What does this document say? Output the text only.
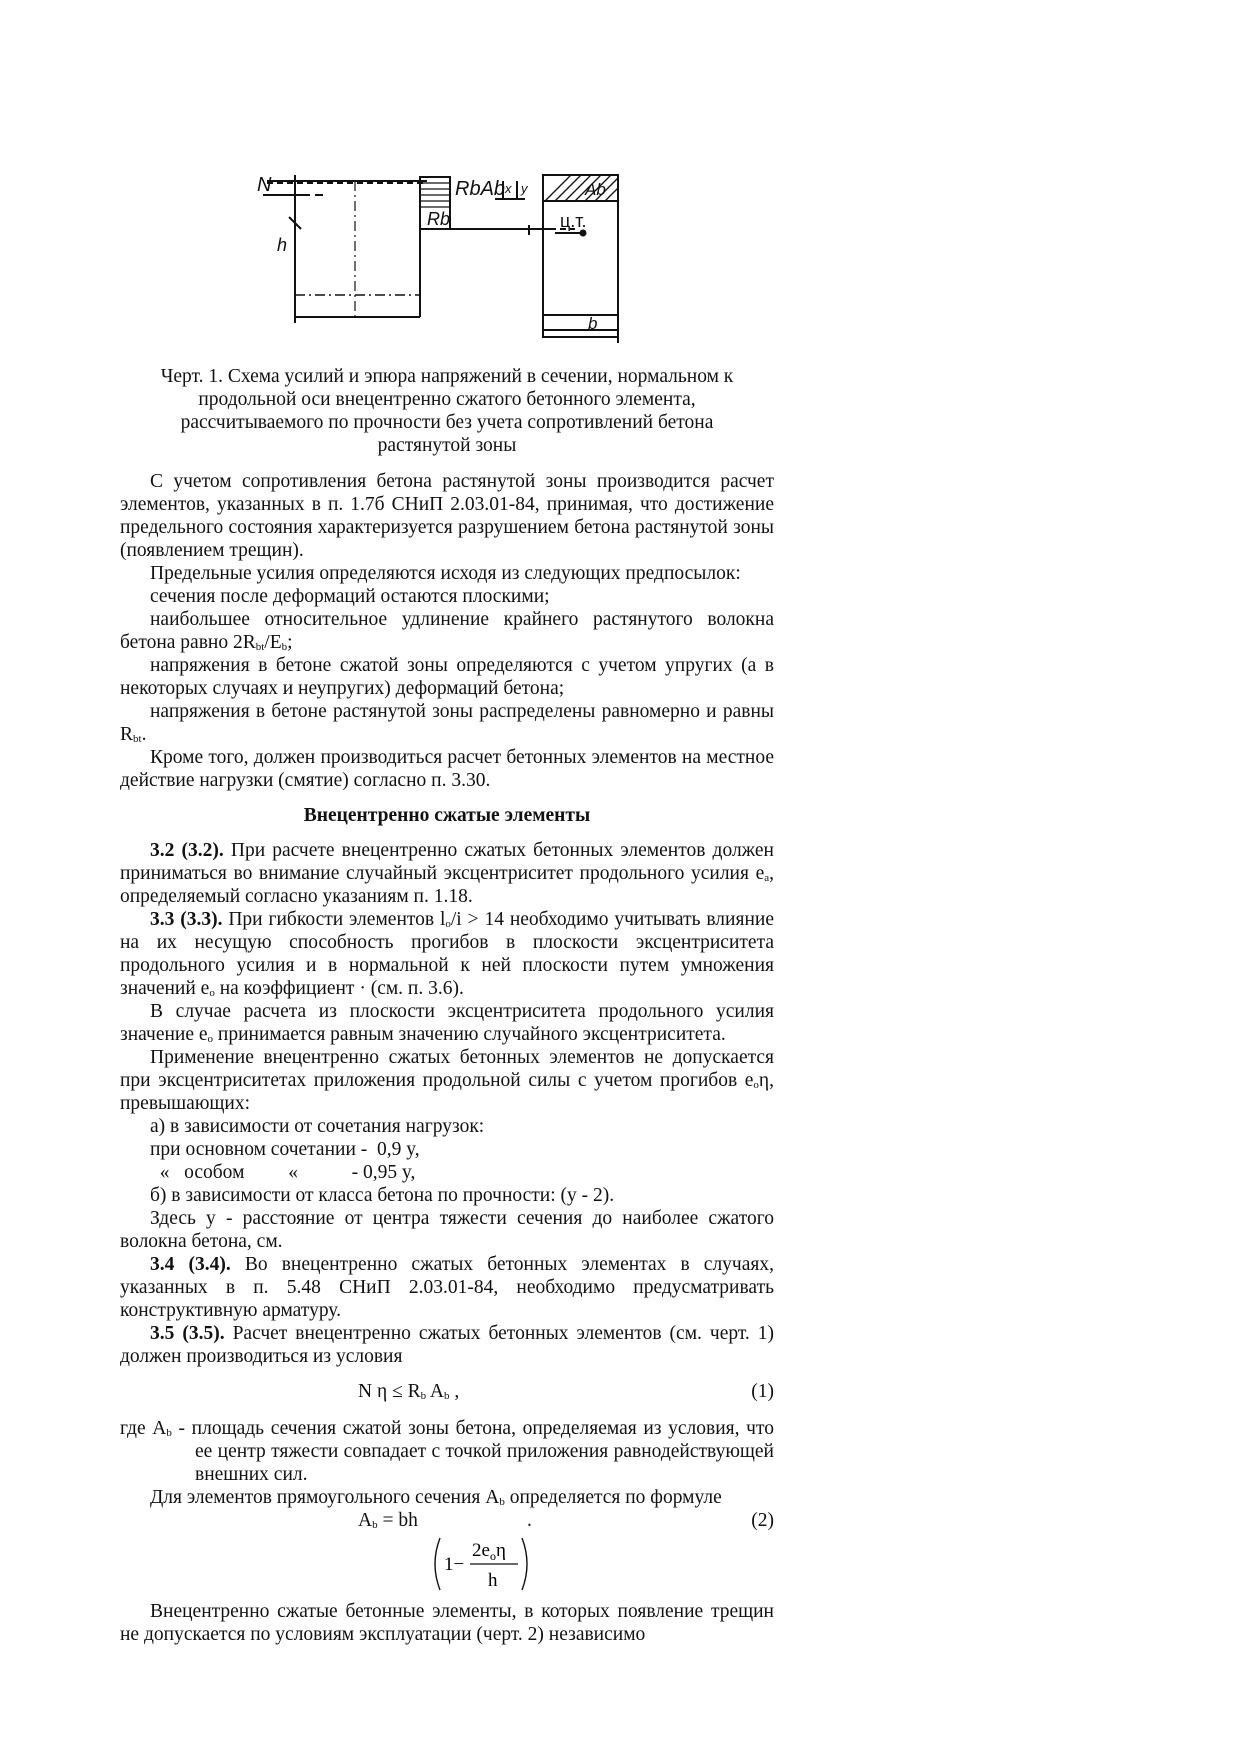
N
h
RbAb
Rb
Ab
x y
ц.т.
b
Черт. 1. Схема усилий и эпюра напряжений в сечении, нормальном к продольной оси внецентренно сжатого бетонного элемента, рассчитываемого по прочности без учета сопротивлений бетона растянутой зоны

С учетом сопротивления бетона растянутой зоны производится расчет элементов, указанных в п. 1.7б СНиП 2.03.01-84, принимая, что достижение предельного состояния характеризуется разрушением бетона растянутой зоны (появлением трещин).

Предельные усилия определяются исходя из следующих предпосылок:

сечения после деформаций остаются плоскими;

наибольшее относительное удлинение крайнего растянутого волокна бетона равно $2R_{bt}/E_b$;

напряжения в бетоне сжатой зоны определяются с учетом упругих (а в некоторых случаях и неупругих) деформаций бетона;

напряжения в бетоне растянутой зоны распределены равномерно и равны $R_{bt}$.

Кроме того, должен производиться расчет бетонных элементов на местное действие нагрузки (смятие) согласно п. 3.30.

Внецентренно сжатые элементы

3.2 (3.2). При расчете внецентренно сжатых бетонных элементов должен приниматься во внимание случайный эксцентриситет продольного усилия $e_a$, определяемый согласно указаниям п. 1.18.

3.3 (3.3). При гибкости элементов $l_o/i > 14$ необходимо учитывать влияние на их несущую способность прогибов в плоскости эксцентриситета продольного усилия и в нормальной к ней плоскости путем умножения значений $e_o$ на коэффициент · (см. п. 3.6).

В случае расчета из плоскости эксцентриситета продольного усилия значение $e_o$ принимается равным значению случайного эксцентриситета.

Применение внецентренно сжатых бетонных элементов не допускается при эксцентриситетах приложения продольной силы с учетом прогибов $e_o\eta$, превышающих:

а) в зависимости от сочетания нагрузок:

при основном сочетании -  0,9 y,

«   особом         «           - 0,95 y,

б) в зависимости от класса бетона по прочности: (y - 2).

Здесь y - расстояние от центра тяжести сечения до наиболее сжатого волокна бетона, см.

3.4 (3.4). Во внецентренно сжатых бетонных элементах в случаях, указанных в п. 5.48 СНиП 2.03.01-84, необходимо предусматривать конструктивную арматуру.

3.5 (3.5). Расчет внецентренно сжатых бетонных элементов (см. черт. 1) должен производиться из условия

N $\eta \le R_b$ $A_b$ ,	(1)

где $A_b$ - площадь сечения сжатой зоны бетона, определяемая из условия, что ее центр тяжести совпадает с точкой приложения равнодействующей внешних сил.

Для элементов прямоугольного сечения $A_b$ определяется по формуле

$A_b$ = bh	.	(2)
1−
$2e_o\eta$
h

Внецентренно сжатые бетонные элементы, в которых появление трещин не допускается по условиям эксплуатации (черт. 2) независимо
